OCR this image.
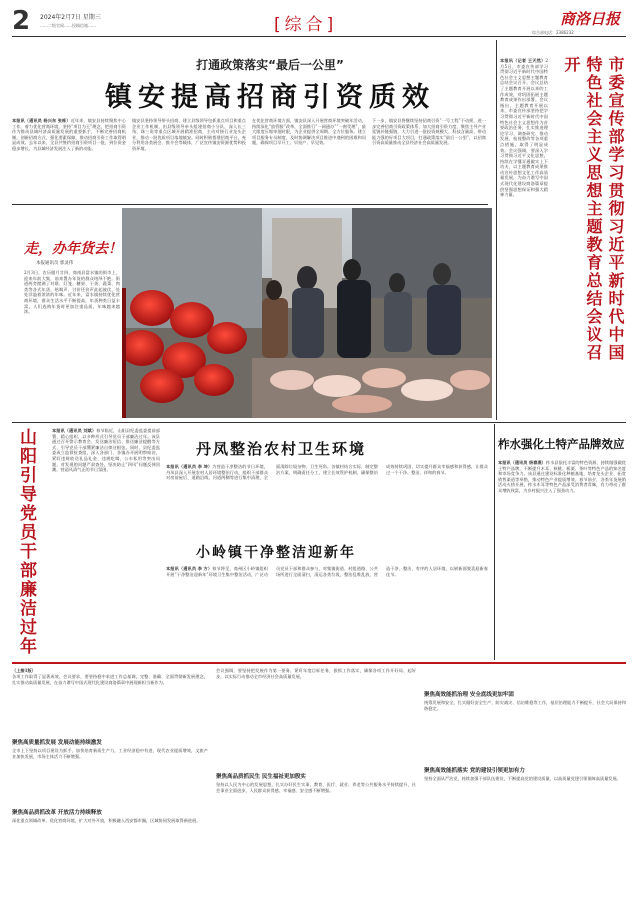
2 2024年2月7日 星期三
……二级官网……投稿信箱……	[综合]	商洛日报
综合部电话：2386232
打通政策落实“最后一公里”
镇安提高招商引资质效
本报讯（通讯员 杨兴东 张栋）近年来，镇安县持续聚焦中心工作，着力优化营商环境，坚持“项目为王”理念，把招商引资作为推动县域经济高质量发展的重要抓手，不断完善招商机制，创新招商方式，强化要素保障，推动招商引资工作取得明显成效。去年以来，全县共签约招商引资项目一批，到位资金稳步增长，为县域经济发展注入了新的动能。
镇安县坚持领导带头招商，建立县级领导包抓重点项目和重点企业工作机制，由县级领导牵头组建招商小分队，深入长三角、珠三角等重点区域开展精准招商，主动对接行业龙头企业，推动一批优质项目落地镇安。同时积极搭建招商平台，充分利用各类展会、推介会等载体，广泛宣传镇安资源优势和投资环境。
在优化营商环境方面，镇安县深入开展营商环境突破年活动，持续深化“放管服”改革，全面推行“一网通办”“一窗受理”，最大限度压缩审批时限，为企业提供全周期、全方位服务。建立项目服务专员制度，及时协调解决项目推进中遇到的困难和问题，确保项目早开工、早投产、早见效。
下一步，镇安县将继续坚持招商引资“一号工程”不动摇，进一步完善招商引资政策体系，加大招商引资力度，聚焦主导产业延链补链强链，大力引进一批投资规模大、科技含量高、带动能力强的好项目大项目，打通政策落实“最后一公里”，以招商引资高质量推动全县经济社会高质量发展。	市委宣传部学习贯彻习近平新时代中国特色社会主义思想主题教育总结会议召开
本报讯（记者 王天然）2月5日，市委宣传部学习贯彻习近平新时代中国特色社会主义思想主题教育总结会议召开。会议总结了主题教育开展以来的工作成效，对巩固拓展主题教育成果作出部署。会议指出，主题教育开展以来，市委宣传部坚持把学习贯彻习近平新时代中国特色社会主义思想作为首要政治任务，扎实推进理论学习、调查研究、推动发展、检视整改等各项重点措施，取得了明显成效。会议强调，要深入学习贯彻习近平文化思想，持续在学懂弄通做实上下功夫，以主题教育成果推动宣传思想文化工作高质量发展，为奋力谱写中国式现代化建设商洛篇章提供坚强思想保证和强大精神力量。
走，办年货去！
本报通讯员 郭灵伟
2月3日，农历腊月廿四，商南县富水镇的街市上，迎来年前大集，前来置办年货的群众络绎不绝。街道两旁摆满了对联、灯笼、糖果、干货、蔬菜、肉类等各式年货，吆喝声、讨价还价声此起彼伏，处处洋溢着浓浓的年味。近年来，富水镇持续优化营商环境，群众生活水平不断提高，年货种类日益丰富，人们选购年货时更加注重品质，年味越来越浓。
山阳引导党员干部廉洁过年	本报讯（通讯员 刘斌）春节临近，山阳县纪委监委提前部署、精心组织，以多种形式引导党员干部廉洁过年。该县通过召开警示教育会、发送廉洁短信、推送廉洁提醒等方式，引导党员干部绷紧廉洁自律这根弦。同时，县纪委监委成立监督检查组，深入各部门、各镇办开展明察暗访，紧盯违规收送礼品礼金、违规吃喝、公车私用等突出问题，对发现的问题严肃查处，坚决防止“四风”问题反弹回潮，营造风清气正的节日氛围。
丹凤整治农村卫生环境
本报讯（通讯员 李 坤）为营造干净整洁的节日环境，丹凤县深入开展农村人居环境整治行动，组织干部群众对房前屋后、道路沿线、河道两侧等进行集中清理，全面清除垃圾杂物、卫生死角。各镇村结合实际，制定整治方案，明确责任分工，建立长效管护机制，确保整治成效持续巩固，切实提升群众幸福感和获得感，让群众过一个干净、整洁、祥和的春节。
小岭镇干净整洁迎新年
本报讯（通讯员 李 方）春节将至，商州区小岭镇组织开展“干净整洁迎新年”环境卫生集中整治活动，广泛动员党员干部和群众参与，对集镇街道、村组道路、公共场所进行全面清扫，清运各类垃圾，整治乱堆乱放，营造干净、整洁、有序的人居环境，以崭新面貌喜迎新春佳节。
柞水强化土特产品牌效应
本报讯（通讯员 杨春燕）柞水县依托丰富的特色资源，持续做强做优土特产品牌，不断提升木耳、核桃、板栗、茶叶等特色产品的知名度和市场竞争力。该县通过建设标准化种植基地、培育龙头企业、拓宽销售渠道等举措，推动特色产业提质增效。春节前夕，各类年货展销活动火热开展，柞水木耳等特色产品深受消费者青睐，有力带动了群众增收致富，为乡村振兴注入了强劲动力。
（上接1版）
各项工作取得了显著成效。会议要求，要坚持稳中求进工作总基调，完整、准确、全面贯彻新发展理念，扎实推动高质量发展，在奋力谱写中国式现代化建设商洛篇章中展现新担当新作为。
聚焦高质量抓发展 发展动能持续激发
全市上下坚持以项目建设为抓手，加快培育新质生产力，工业经济稳中有进，现代农业提质增效，文旅产业加快发展，市场主体活力不断增强。
聚焦高品质抓改革 开放活力持续释放
深化重点领域改革，优化营商环境，扩大对外开放，积极融入西安都市圈，区域协同发展取得新进展。
会议强调，要坚持把发展作为第一要务，紧盯年度目标任务，狠抓工作落实，确保各项工作开好局、起好步，以实际行动推动全市经济社会高质量发展。
聚焦高品质抓民生 民生福祉更加殷实
坚持以人民为中心的发展思想，扎实办好民生实事，教育、医疗、就业、养老等公共服务水平持续提升，社会事业全面进步，人民群众获得感、幸福感、安全感不断增强。
聚焦高效能抓治理 安全底线更加牢固
统筹发展和安全，扎实做好安全生产、防灾减灾、信访维稳等工作，基层治理能力不断提升，社会大局保持和谐稳定。
聚焦高效能抓落实 党的建设引领更加有力
坚持全面从严治党，持续加强干部队伍建设，不断提高党的建设质量，以高质量党建引领保障高质量发展。
